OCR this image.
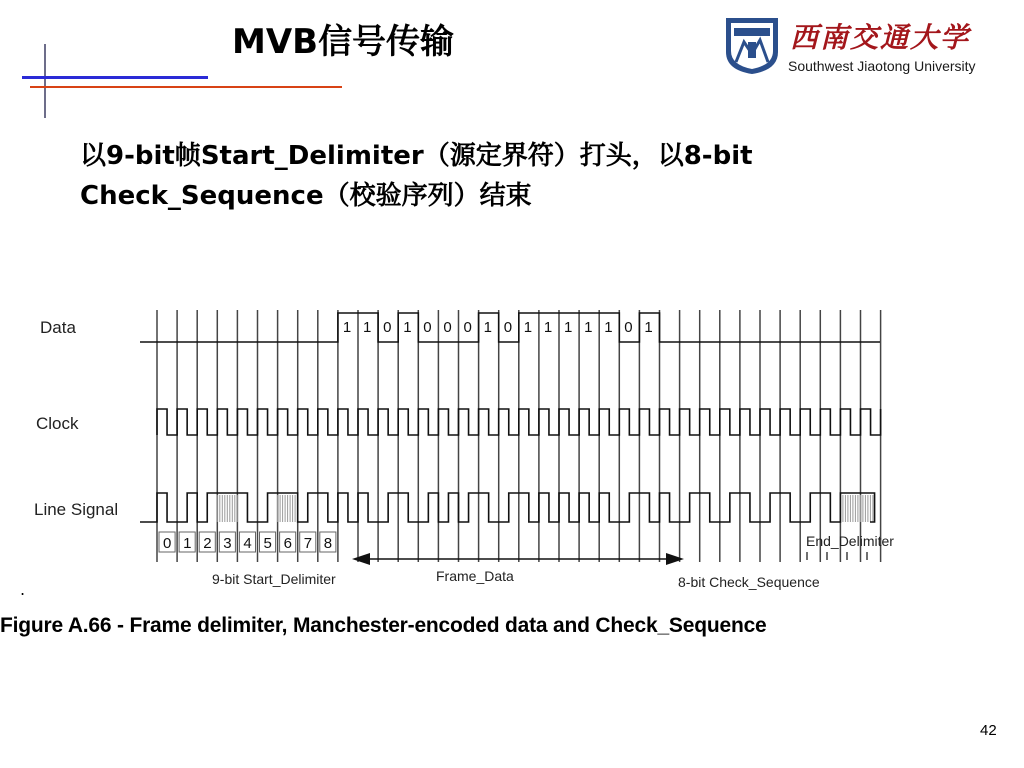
MVB信号传输	西南交通大学
Southwest Jiaotong University
以9-bit帧Start_Delimiter（源定界符）打头，以8-bit
Check_Sequence（校验序列）结束
Data
Clock
Line Signal
1 1 0 1 0 0 0 1 0 1 1 1 1 1 0 1
0 1 2 3 4 5 6 7 8
9-bit Start_Delimiter	Frame_Data	8-bit Check_Sequence
End_Delimiter
.
Figure A.66 - Frame delimiter, Manchester-encoded data and Check_Sequence
42
